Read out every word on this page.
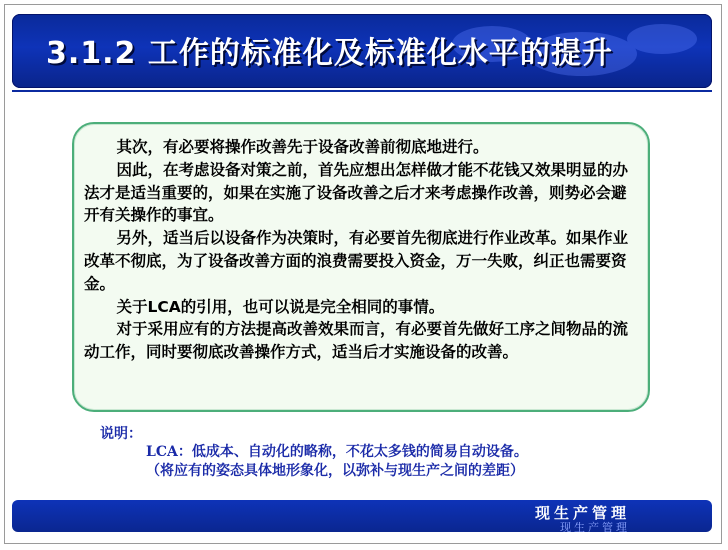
3.1.2 工作的标准化及标准化水平的提升

其次，有必要将操作改善先于设备改善前彻底地进行。

因此，在考虑设备对策之前，首先应想出怎样做才能不花钱又效果明显的办法才是适当重要的，如果在实施了设备改善之后才来考虑操作改善，则势必会避开有关操作的事宜。

另外，适当后以设备作为决策时，有必要首先彻底进行作业改革。如果作业改革不彻底，为了设备改善方面的浪费需要投入资金，万一失败，纠正也需要资金。

关于LCA的引用，也可以说是完全相同的事情。

对于采用应有的方法提高改善效果而言，有必要首先做好工序之间物品的流动工作，同时要彻底改善操作方式，适当后才实施设备的改善。

说明：
LCA：低成本、自动化的略称，不花太多钱的简易自动设备。
（将应有的姿态具体地形象化，以弥补与现生产之间的差距）
现生产管理
现生产管理
